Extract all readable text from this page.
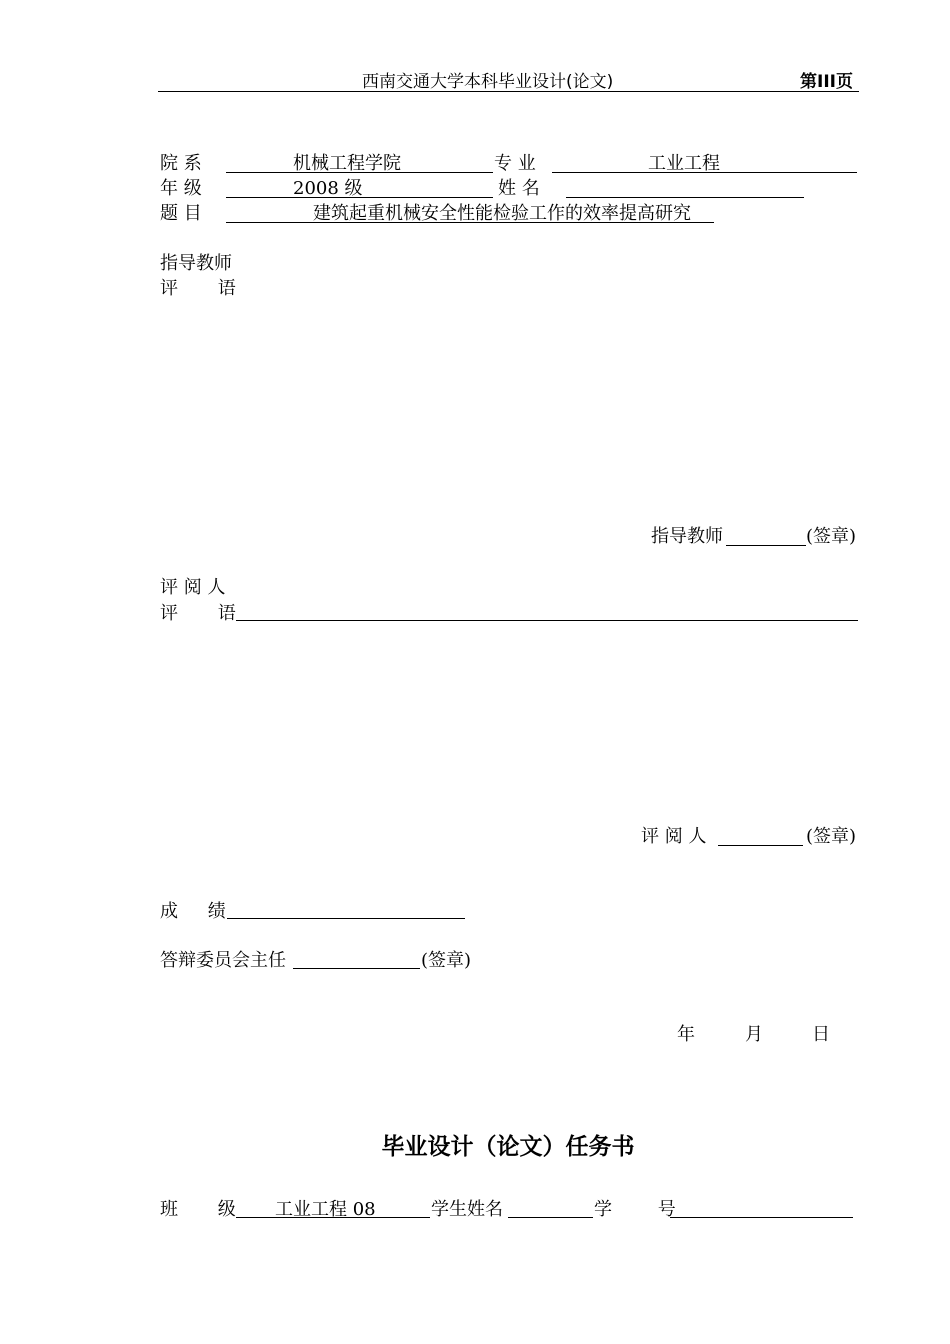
西南交通大学本科毕业设计(论文)	第III页
院 系	机械工程学院	专 业	工业工程
年 级	2008 级	姓 名
题 目	建筑起重机械安全性能检验工作的效率提高研究
指导教师
评 语
指导教师	(签章)
评 阅 人
评 语
评 阅 人	(签章)
成 绩
答辩委员会主任	(签章)
年	月	日
毕业设计（论文）任务书
班 级 工业工程 08	学生姓名	学 号
